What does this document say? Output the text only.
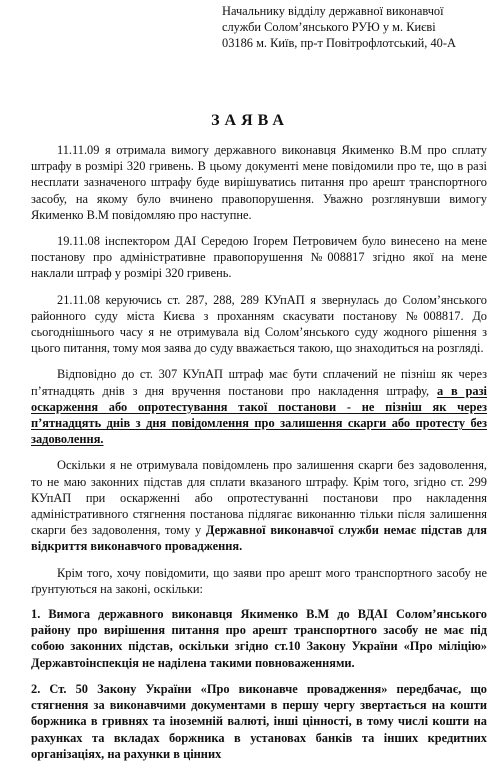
Начальнику відділу державної виконавчої
служби Солом’янського РУЮ у м. Києві
03186 м. Київ, пр-т Повітрофлотський, 40-А
ЗАЯВА

11.11.09 я отримала вимогу державного виконавця Якименко В.М про сплату штрафу в розмірі 320 гривень. В цьому документі мене повідомили про те, що в разі несплати зазначеного штрафу буде вирішуватись питання про арешт транспортного засобу, на якому було вчинено правопорушення. Уважно розглянувши вимогу Якименко В.М повідомляю про наступне.

19.11.08 інспектором ДАІ Середою Ігорем Петровичем було винесено на мене постанову про адміністративне правопорушення №008817 згідно якої на мене наклали штраф у розмірі 320 гривень.

21.11.08 керуючись ст. 287, 288, 289 КУпАП я звернулась до Солом’янського районного суду міста Києва з проханням скасувати постанову №008817. До сьогоднішнього часу я не отримувала від Солом’янського суду жодного рішення з цього питання, тому моя заява до суду вважається такою, що знаходиться на розгляді.

Відповідно до ст. 307 КУпАП штраф має бути сплачений не пізніш як через п’ятнадцять днів з дня вручення постанови про накладення штрафу, а в разі оскарження або опротестування такої постанови - не пізніш як через п’ятнадцять днів з дня повідомлення про залишення скарги або протесту без задоволення.

Оскільки я не отримувала повідомлень про залишення скарги без задоволення, то не маю законних підстав для сплати вказаного штрафу. Крім того, згідно ст. 299 КУпАП при оскарженні або опротестуванні постанови про накладення адміністративного стягнення постанова підлягає виконанню тільки після залишення скарги без задоволення, тому у Державної виконавчої служби немає підстав для відкриття виконавчого провадження.

Крім того, хочу повідомити, що заяви про арешт мого транспортного засобу не ґрунтуються на законі, оскільки:

1. Вимога державного виконавця Якименко В.М до ВДАІ Солом’янського району про вирішення питання про арешт транспортного засобу не має під собою законних підстав, оскільки згідно ст.10 Закону України «Про міліцію» Державтоінспекція не наділена такими повноваженнями.

2. Ст. 50 Закону України «Про виконавче провадження» передбачає, що стягнення за виконавчими документами в першу чергу звертається на кошти боржника в гривнях та іноземній валюті, інші цінності, в тому числі кошти на рахунках та вкладах боржника в установах банків та інших кредитних організаціях, на рахунки в цінних
